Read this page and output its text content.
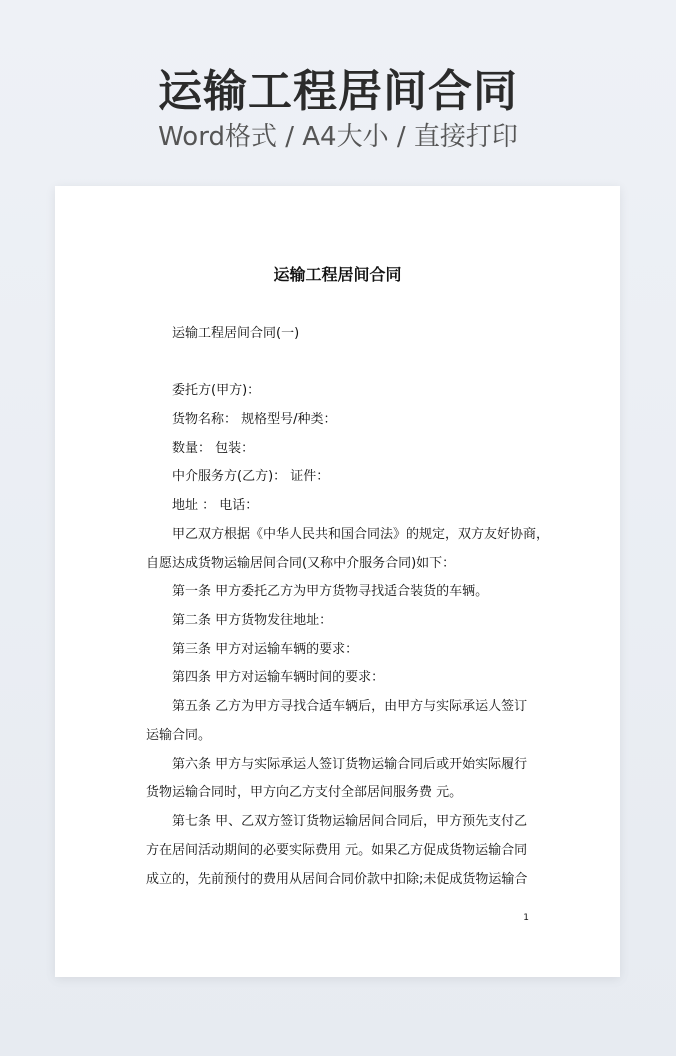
运输工程居间合同
Word格式 / A4大小 / 直接打印
运输工程居间合同
运输工程居间合同(一)
委托方(甲方)：
货物名称： 规格型号/种类：
数量： 包装：
中介服务方(乙方)： 证件：
地址 ： 电话：
甲乙双方根据《中华人民共和国合同法》的规定，双方友好协商，
自愿达成货物运输居间合同(又称中介服务合同)如下：
第一条 甲方委托乙方为甲方货物寻找适合装货的车辆。
第二条 甲方货物发往地址：
第三条 甲方对运输车辆的要求：
第四条 甲方对运输车辆时间的要求：
第五条 乙方为甲方寻找合适车辆后，由甲方与实际承运人签订
运输合同。
第六条 甲方与实际承运人签订货物运输合同后或开始实际履行
货物运输合同时，甲方向乙方支付全部居间服务费 元。
第七条 甲、乙双方签订货物运输居间合同后，甲方预先支付乙
方在居间活动期间的必要实际费用 元。如果乙方促成货物运输合同
成立的，先前预付的费用从居间合同价款中扣除;未促成货物运输合
1
